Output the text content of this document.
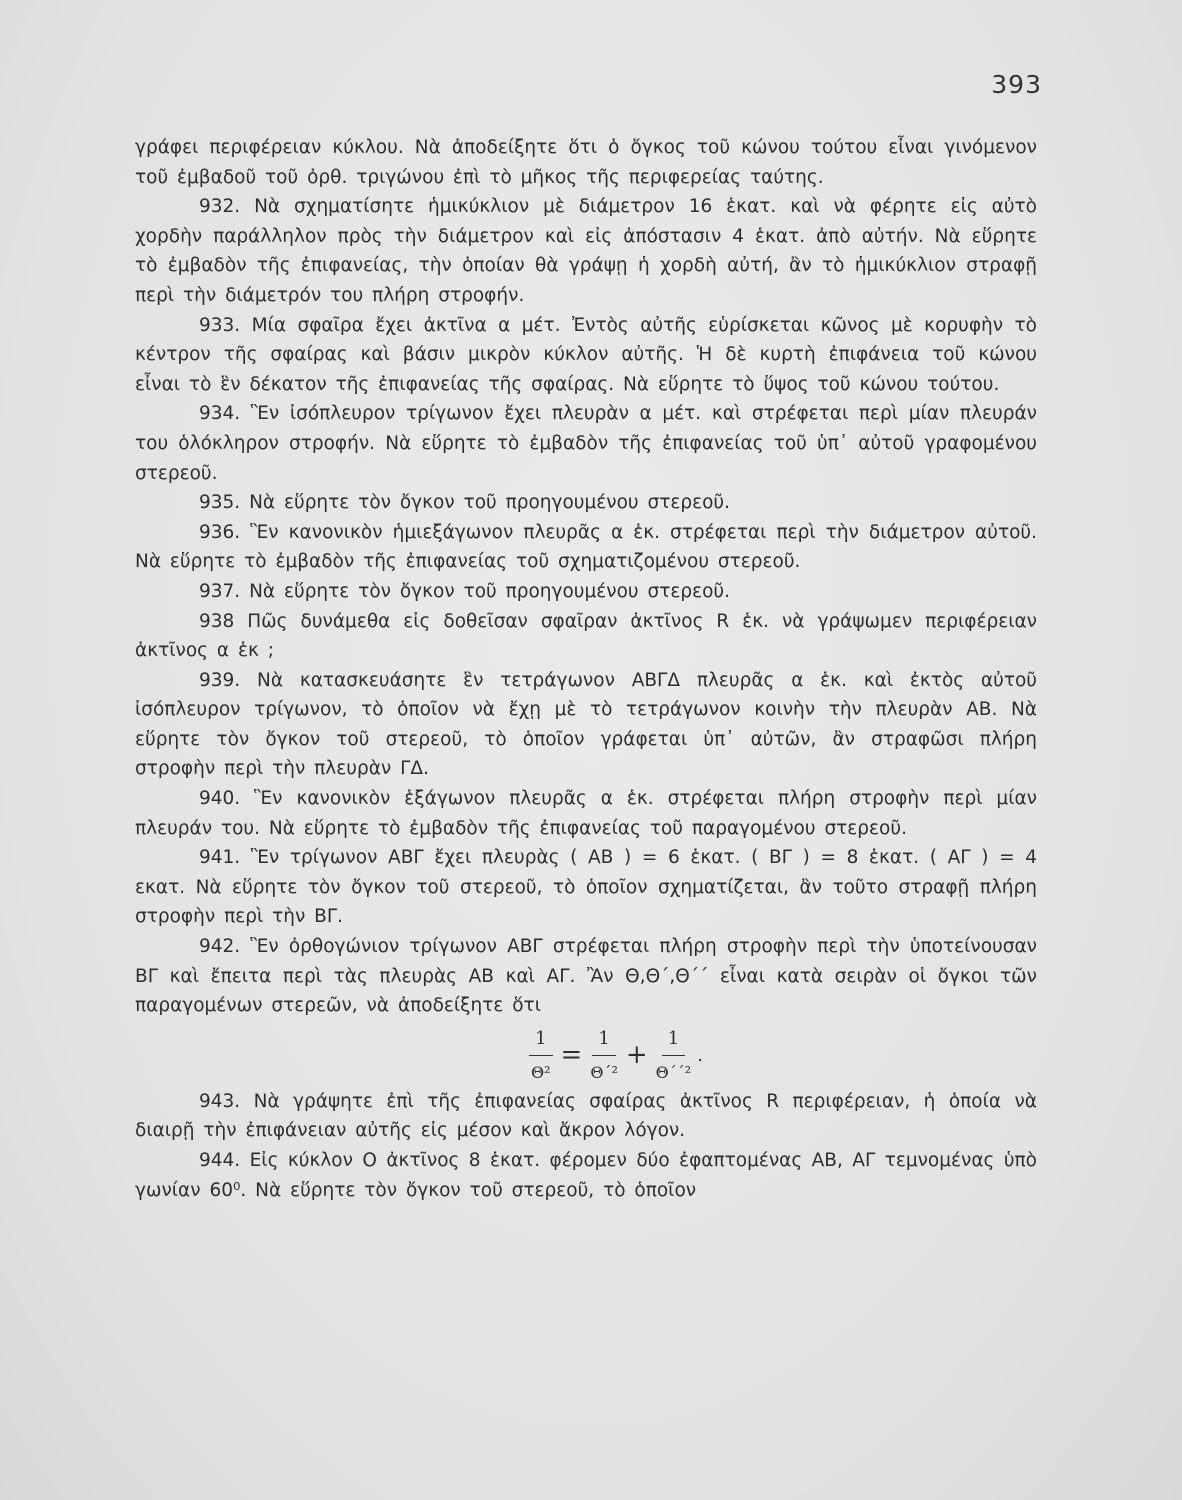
393

γράφει περιφέρειαν κύκλου. Νὰ ἀποδείξητε ὅτι ὁ ὄγκος τοῦ κώνου τούτου εἶναι γινόμενον τοῦ ἐμβαδοῦ τοῦ ὀρθ. τριγώνου ἐπὶ τὸ μῆκος τῆς περιφερείας ταύτης.

932. Νὰ σχηματίσητε ἡμικύκλιον μὲ διάμετρον 16 ἑκατ. καὶ νὰ φέρητε εἰς αὐτὸ χορδὴν παράλληλον πρὸς τὴν διάμετρον καὶ εἰς ἀπόστασιν 4 ἑκατ. ἀπὸ αὐτήν. Νὰ εὕρητε τὸ ἐμβαδὸν τῆς ἐπιφανείας, τὴν ὁποίαν θὰ γράψῃ ἡ χορδὴ αὐτή, ἂν τὸ ἡμικύκλιον στραφῇ περὶ τὴν διάμετρόν του πλήρη στροφήν.

933. Μία σφαῖρα ἔχει ἀκτῖνα α μέτ. Ἐντὸς αὐτῆς εὑρίσκεται κῶνος μὲ κορυφὴν τὸ κέντρον τῆς σφαίρας καὶ βάσιν μικρὸν κύκλον αὐτῆς. Ἡ δὲ κυρτὴ ἐπιφάνεια τοῦ κώνου εἶναι τὸ ἓν δέκατον τῆς ἐπιφανείας τῆς σφαίρας. Νὰ εὕρητε τὸ ὕψος τοῦ κώνου τούτου.

934. Ἓν ἰσόπλευρον τρίγωνον ἔχει πλευρὰν α μέτ. καὶ στρέφεται περὶ μίαν πλευράν του ὁλόκληρον στροφήν. Νὰ εὕρητε τὸ ἐμβαδὸν τῆς ἐπιφανείας τοῦ ὑπ᾽ αὐτοῦ γραφομένου στερεοῦ.

935. Νὰ εὕρητε τὸν ὄγκον τοῦ προηγουμένου στερεοῦ.

936. Ἓν κανονικὸν ἡμιεξάγωνον πλευρᾶς α ἑκ. στρέφεται περὶ τὴν διάμετρον αὐτοῦ. Νὰ εὕρητε τὸ ἐμβαδὸν τῆς ἐπιφανείας τοῦ σχηματιζομένου στερεοῦ.

937. Νὰ εὕρητε τὸν ὄγκον τοῦ προηγουμένου στερεοῦ.

938 Πῶς δυνάμεθα εἰς δοθεῖσαν σφαῖραν ἀκτῖνος R ἑκ. νὰ γράψωμεν περιφέρειαν ἀκτῖνος α ἑκ ;

939. Νὰ κατασκευάσητε ἓν τετράγωνον ΑΒΓΔ πλευρᾶς α ἑκ. καὶ ἐκτὸς αὐτοῦ ἰσόπλευρον τρίγωνον, τὸ ὁποῖον νὰ ἔχῃ μὲ τὸ τετράγωνον κοινὴν τὴν πλευρὰν ΑΒ. Νὰ εὕρητε τὸν ὄγκον τοῦ στερεοῦ, τὸ ὁποῖον γράφεται ὑπ᾽ αὐτῶν, ἂν στραφῶσι πλήρη στροφὴν περὶ τὴν πλευρὰν ΓΔ.

940. Ἓν κανονικὸν ἑξάγωνον πλευρᾶς α ἑκ. στρέφεται πλήρη στροφὴν περὶ μίαν πλευράν του. Νὰ εὕρητε τὸ ἐμβαδὸν τῆς ἐπιφανείας τοῦ παραγομένου στερεοῦ.

941. Ἓν τρίγωνον ΑΒΓ ἔχει πλευρὰς ( ΑΒ ) = 6 ἑκατ. ( ΒΓ ) = 8 ἑκατ. ( ΑΓ ) = 4 εκατ. Νὰ εὕρητε τὸν ὄγκον τοῦ στερεοῦ, τὸ ὁποῖον σχηματίζεται, ἂν τοῦτο στραφῇ πλήρη στροφὴν περὶ τὴν ΒΓ.

942. Ἓν ὀρθογώνιον τρίγωνον ΑΒΓ στρέφεται πλήρη στροφὴν περὶ τὴν ὑποτείνουσαν ΒΓ καὶ ἔπειτα περὶ τὰς πλευρὰς ΑΒ καὶ ΑΓ. Ἂν Θ,Θ΄,Θ΄΄ εἶναι κατὰ σειρὰν οἱ ὄγκοι τῶν παραγομένων στερεῶν, νὰ ἀποδείξητε ὅτι

$\frac{1}{\text{Θ²}} = \frac{1}{\text{Θ΄²}} + \frac{1}{\text{Θ΄΄²}}$ .

943. Νὰ γράψητε ἐπὶ τῆς ἐπιφανείας σφαίρας ἀκτῖνος R περιφέρειαν, ἡ ὁποία νὰ διαιρῇ τὴν ἐπιφάνειαν αὐτῆς εἰς μέσον καὶ ἄκρον λόγον.

944. Εἰς κύκλον Ο ἀκτῖνος 8 ἑκατ. φέρομεν δύο ἐφαπτομένας ΑΒ, ΑΓ τεμνομένας ὑπὸ γωνίαν 60⁰. Νὰ εὕρητε τὸν ὄγκον τοῦ στερεοῦ, τὸ ὁποῖον
